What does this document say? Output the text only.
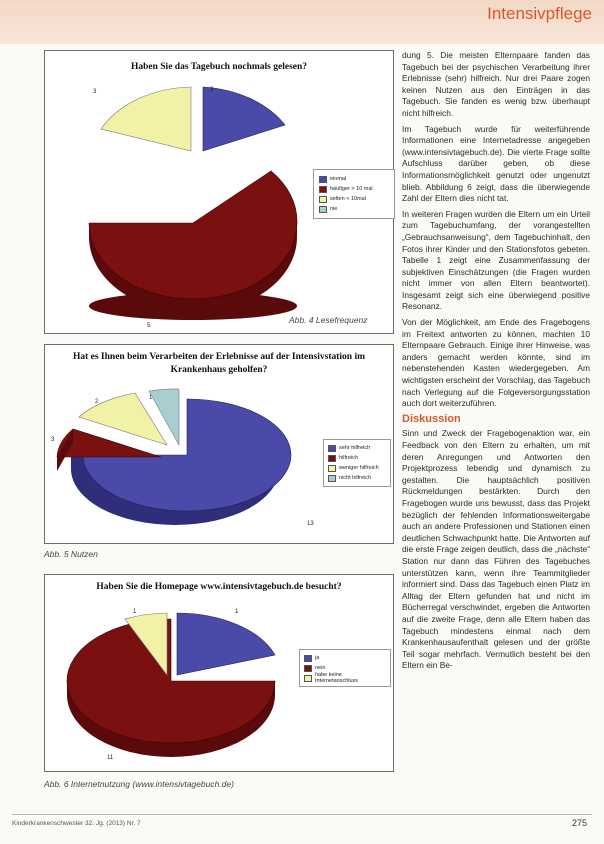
Intensivpflege
Haben Sie das Tagebuch nochmals gelesen?
3	3
5
einmal
häufiger > 10 mal
selten < 10mal
nie
Abb. 4 Lesefrequenz
Hat es Ihnen beim Verarbeiten der Erlebnisse auf der Intensivstation im Krankenhaus geholfen?
2
1
3
13
sehr hilfreich
hilfreich
weniger hilfreich
nicht hilfreich
Abb. 5 Nutzen
Haben Sie die Homepage www.intensivtagebuch.de besucht?
1	1
11
ja
nein
habe keine Internetanschluss
Abb. 6 Internetnutzung (www.intensivtagebuch.de)

dung 5. Die meisten Elternpaare fanden das Tagebuch bei der psychischen Verarbeitung ihrer Erlebnisse (sehr) hilfreich. Nur drei Paare zogen keinen Nutzen aus den Einträgen in das Tagebuch. Sie fanden es wenig bzw. überhaupt nicht hilfreich.

Im Tagebuch wurde für weiterführende Informationen eine Internetadresse angegeben (www.intensivtagebuch.de). Die vierte Frage sollte Aufschluss darüber geben, ob diese Informationsmöglichkeit genutzt oder ungenutzt blieb. Abbildung 6 zeigt, dass die überwiegende Zahl der Eltern dies nicht tat.

In weiteren Fragen wurden die Eltern um ein Urteil zum Tagebuchumfang, der vorangestellten „Gebrauchsanweisung“, dem Tagebuchinhalt, den Fotos ihrer Kinder und den Stationsfotos gebeten. Tabelle 1 zeigt eine Zusammenfassung der subjektiven Einschätzungen (die Fragen wurden nicht immer von allen Eltern beantwortet). Insgesamt zeigt sich eine überwiegend positive Resonanz.

Von der Möglichkeit, am Ende des Fragebogens im Freitext antworten zu können, machten 10 Elternpaare Gebrauch. Einige ihrer Hinweise, was anders gemacht werden könnte, sind im nebenstehenden Kasten wiedergegeben. Am wichtigsten erscheint der Vorschlag, das Tagebuch nach Verlegung auf die Folgeversorgungsstation auch dort weiterzuführen.

Diskussion

Sinn und Zweck der Fragebogenaktion war, ein Feedback von den Eltern zu erhalten, um mit deren Anregungen und Antworten den Projektprozess lebendig und dynamisch zu gestalten. Die hauptsächlich positiven Rückmeldungen bestärkten. Durch den Fragebogen wurde uns bewusst, dass das Projekt bezüglich der fehlenden Informationsweitergabe auch an andere Professionen und Stationen einen deutlichen Schwachpunkt hatte. Die Antworten auf die erste Frage zeigen deutlich, dass die „nächste“ Station nur dann das Führen des Tagebuches unterstützen kann, wenn ihre Teammitglieder informiert sind. Dass das Tagebuch einen Platz im Alltag der Eltern gefunden hat und nicht im Bücherregal verschwindet, ergeben die Antworten auf die zweite Frage, denn alle Eltern haben das Tagebuch mindestens einmal nach dem Krankenhausaufenthalt gelesen und der größte Teil sogar mehrfach. Vermutlich besteht bei den Eltern ein Be-

Kinderkrankenschwester 32. Jg. (2013) Nr. 7	275
